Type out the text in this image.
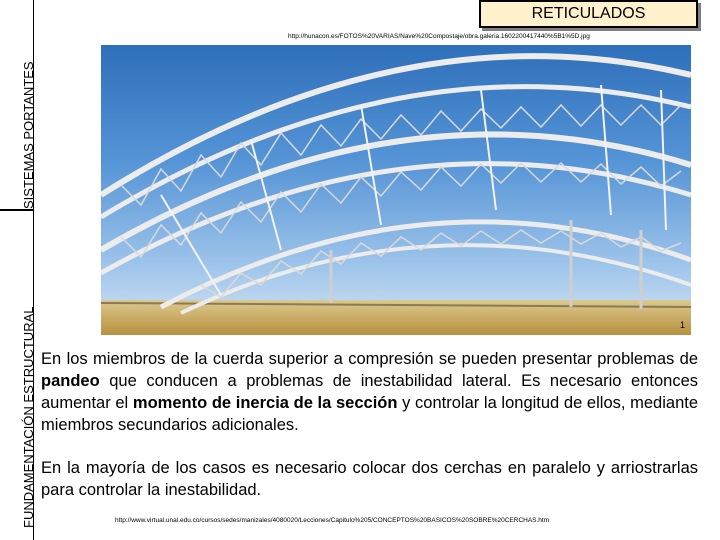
SISTEMAS PORTANTES
FUNDAMENTACIÓN ESTRUCTURAL
RETICULADOS
http://hunacon.es/FOTOS%20VARIAS/Nave%20Compostaje/obra.galeria.1602200417440%5B1%5D.jpg
1
En los miembros de la cuerda superior a compresión se pueden presentar problemas de pandeo que conducen a problemas de inestabilidad lateral. Es necesario entonces aumentar el momento de inercia de la sección y controlar la longitud de ellos, mediante miembros secundarios adicionales.
En la mayoría de los casos es necesario colocar dos cerchas en paralelo y arriostrarlas para controlar la inestabilidad.
http://www.virtual.unal.edu.co/cursos/sedes/manizales/4080020/Lecciones/Capitulo%205/CONCEPTOS%20BASICOS%20SOBRE%20CERCHAS.htm
